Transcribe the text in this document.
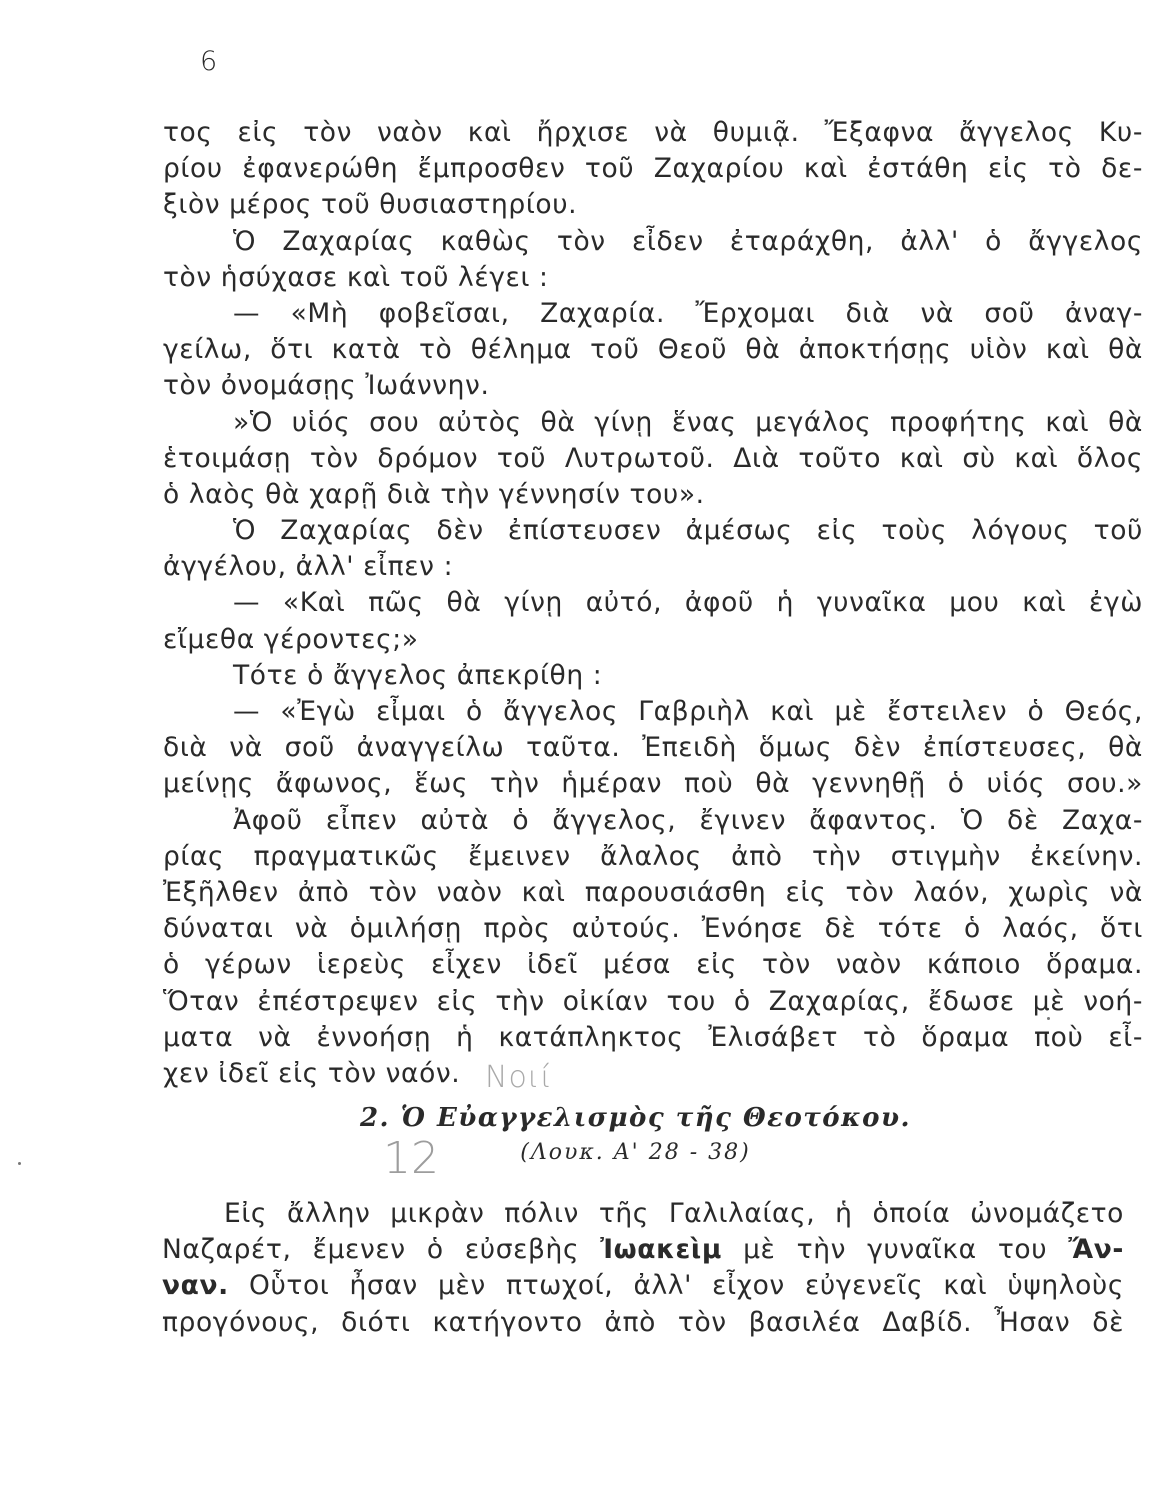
6
τος εἰς τὸν ναὸν καὶ ἤρχισε νὰ θυμιᾷ. Ἔξαφνα ἄγγελος Κυ-
ρίου ἐφανερώθη ἔμπροσθεν τοῦ Ζαχαρίου καὶ ἐστάθη εἰς τὸ δε-
ξιὸν μέρος τοῦ θυσιαστηρίου.
Ὁ Ζαχαρίας καθὼς τὸν εἶδεν ἐταράχθη, ἀλλ' ὁ ἄγγελος
τὸν ἡσύχασε καὶ τοῦ λέγει :
— «Μὴ φοβεῖσαι, Ζαχαρία. Ἔρχομαι διὰ νὰ σοῦ ἀναγ-
γείλω, ὅτι κατὰ τὸ θέλημα τοῦ Θεοῦ θὰ ἀποκτήσῃς υἱὸν καὶ θὰ
τὸν ὀνομάσῃς Ἰωάννην.
»Ὁ υἱός σου αὐτὸς θὰ γίνῃ ἕνας μεγάλος προφήτης καὶ θὰ
ἑτοιμάσῃ τὸν δρόμον τοῦ Λυτρωτοῦ. Διὰ τοῦτο καὶ σὺ καὶ ὅλος
ὁ λαὸς θὰ χαρῇ διὰ τὴν γέννησίν του».
Ὁ Ζαχαρίας δὲν ἐπίστευσεν ἀμέσως εἰς τοὺς λόγους τοῦ
ἀγγέλου, ἀλλ' εἶπεν :
— «Καὶ πῶς θὰ γίνῃ αὐτό, ἀφοῦ ἡ γυναῖκα μου καὶ ἐγὼ
εἴμεθα γέροντες;»
Τότε ὁ ἄγγελος ἀπεκρίθη :
— «Ἐγὼ εἶμαι ὁ ἄγγελος Γαβριὴλ καὶ μὲ ἔστειλεν ὁ Θεός,
διὰ νὰ σοῦ ἀναγγείλω ταῦτα. Ἐπειδὴ ὅμως δὲν ἐπίστευσες, θὰ
μείνῃς ἄφωνος, ἕως τὴν ἡμέραν ποὺ θὰ γεννηθῇ ὁ υἱός σου.»
Ἀφοῦ εἶπεν αὐτὰ ὁ ἄγγελος, ἔγινεν ἄφαντος. Ὁ δὲ Ζαχα-
ρίας πραγματικῶς ἔμεινεν ἄλαλος ἀπὸ τὴν στιγμὴν ἐκείνην.
Ἐξῆλθεν ἀπὸ τὸν ναὸν καὶ παρουσιάσθη εἰς τὸν λαόν, χωρὶς νὰ
δύναται νὰ ὁμιλήσῃ πρὸς αὐτούς. Ἐνόησε δὲ τότε ὁ λαός, ὅτι
ὁ γέρων ἱερεὺς εἶχεν ἰδεῖ μέσα εἰς τὸν ναὸν κάποιο ὅραμα.
Ὅταν ἐπέστρεψεν εἰς τὴν οἰκίαν του ὁ Ζαχαρίας, ἔδωσε μὲ νοή-
ματα νὰ ἐννοήσῃ ἡ κατάπληκτος Ἐλισάβετ τὸ ὅραμα ποὺ εἶ-
χεν ἰδεῖ εἰς τὸν ναόν. Νοιί
2. Ὁ Εὐαγγελισμὸς τῆς Θεοτόκου.
(Λουκ. Α' 28 - 38)
12
Εἰς ἄλλην μικρὰν πόλιν τῆς Γαλιλαίας, ἡ ὁποία ὠνομάζετο
Ναζαρέτ, ἔμενεν ὁ εὐσεβὴς Ἰωακεὶμ μὲ τὴν γυναῖκα του Ἄν-
ναν. Οὗτοι ἦσαν μὲν πτωχοί, ἀλλ' εἶχον εὐγενεῖς καὶ ὑψηλοὺς
προγόνους, διότι κατήγοντο ἀπὸ τὸν βασιλέα Δαβίδ. Ἦσαν δὲ
